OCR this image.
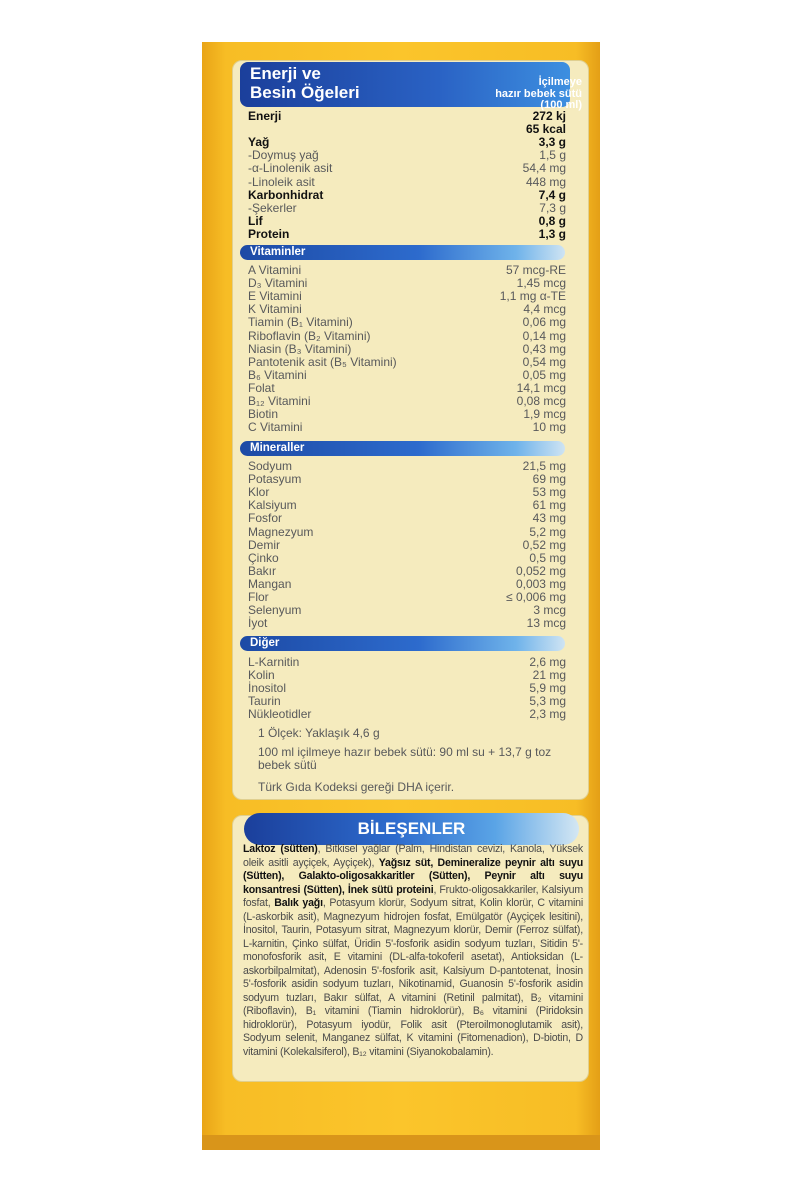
Enerji ve
Besin Öğeleri
İçilmeye
hazır bebek sütü
(100 ml)
Enerji	272 kj
65 kcal
Yağ	3,3 g
-Doymuş yağ	1,5 g
-α-Linolenik asit	54,4 mg
-Linoleik asit	448 mg
Karbonhidrat	7,4 g
-Şekerler	7,3 g
Lif	0,8 g
Protein	1,3 g
Vitaminler
A Vitamini	57 mcg-RE
D₃ Vitamini	1,45 mcg
E Vitamini	1,1 mg α-TE
K Vitamini	4,4 mcg
Tiamin (B₁ Vitamini)	0,06 mg
Riboflavin (B₂ Vitamini)	0,14 mg
Niasin (B₃ Vitamini)	0,43 mg
Pantotenik asit (B₅ Vitamini)	0,54 mg
B₆ Vitamini	0,05 mg
Folat	14,1 mcg
B₁₂ Vitamini	0,08 mcg
Biotin	1,9 mcg
C Vitamini	10 mg
Mineraller
Sodyum	21,5 mg
Potasyum	69 mg
Klor	53 mg
Kalsiyum	61 mg
Fosfor	43 mg
Magnezyum	5,2 mg
Demir	0,52 mg
Çinko	0,5 mg
Bakır	0,052 mg
Mangan	0,003 mg
Flor	≤ 0,006 mg
Selenyum	3 mcg
İyot	13 mcg
Diğer
L-Karnitin	2,6 mg
Kolin	21 mg
İnositol	5,9 mg
Taurin	5,3 mg
Nükleotidler	2,3 mg
1 Ölçek: Yaklaşık 4,6 g
100 ml içilmeye hazır bebek sütü: 90 ml su + 13,7 g toz bebek sütü
Türk Gıda Kodeksi gereği DHA içerir.
BİLEŞENLER
Laktoz (sütten), Bitkisel yağlar (Palm, Hindistan cevizi, Kanola, Yüksek oleik asitli ayçiçek, Ayçiçek), Yağsız süt, Demineralize peynir altı suyu (Sütten), Galakto-oligosakkaritler (Sütten), Peynir altı suyu konsantresi (Sütten), İnek sütü proteini, Frukto-oligosakkariler, Kalsiyum fosfat, Balık yağı, Potasyum klorür, Sodyum sitrat, Kolin klorür, C vitamini (L-askorbik asit), Magnezyum hidrojen fosfat, Emülgatör (Ayçiçek lesitini), İnositol, Taurin, Potasyum sitrat, Magnezyum klorür, Demir (Ferroz sülfat), L-karnitin, Çinko sülfat, Üridin 5'-fosforik asidin sodyum tuzları, Sitidin 5'-monofosforik asit, E vitamini (DL-alfa-tokoferil asetat), Antioksidan (L-askorbilpalmitat), Adenosin 5'-fosforik asit, Kalsiyum D-pantotenat, İnosin 5'-fosforik asidin sodyum tuzları, Nikotinamid, Guanosin 5'-fosforik asidin sodyum tuzları, Bakır sülfat, A vitamini (Retinil palmitat), B₂ vitamini (Riboflavin), B₁ vitamini (Tiamin hidroklorür), B₆ vitamini (Piridoksin hidroklorür), Potasyum iyodür, Folik asit (Pteroilmonoglutamik asit), Sodyum selenit, Manganez sülfat, K vitamini (Fitomenadion), D-biotin, D vitamini (Kolekalsiferol), B₁₂ vitamini (Siyanokobalamin).
